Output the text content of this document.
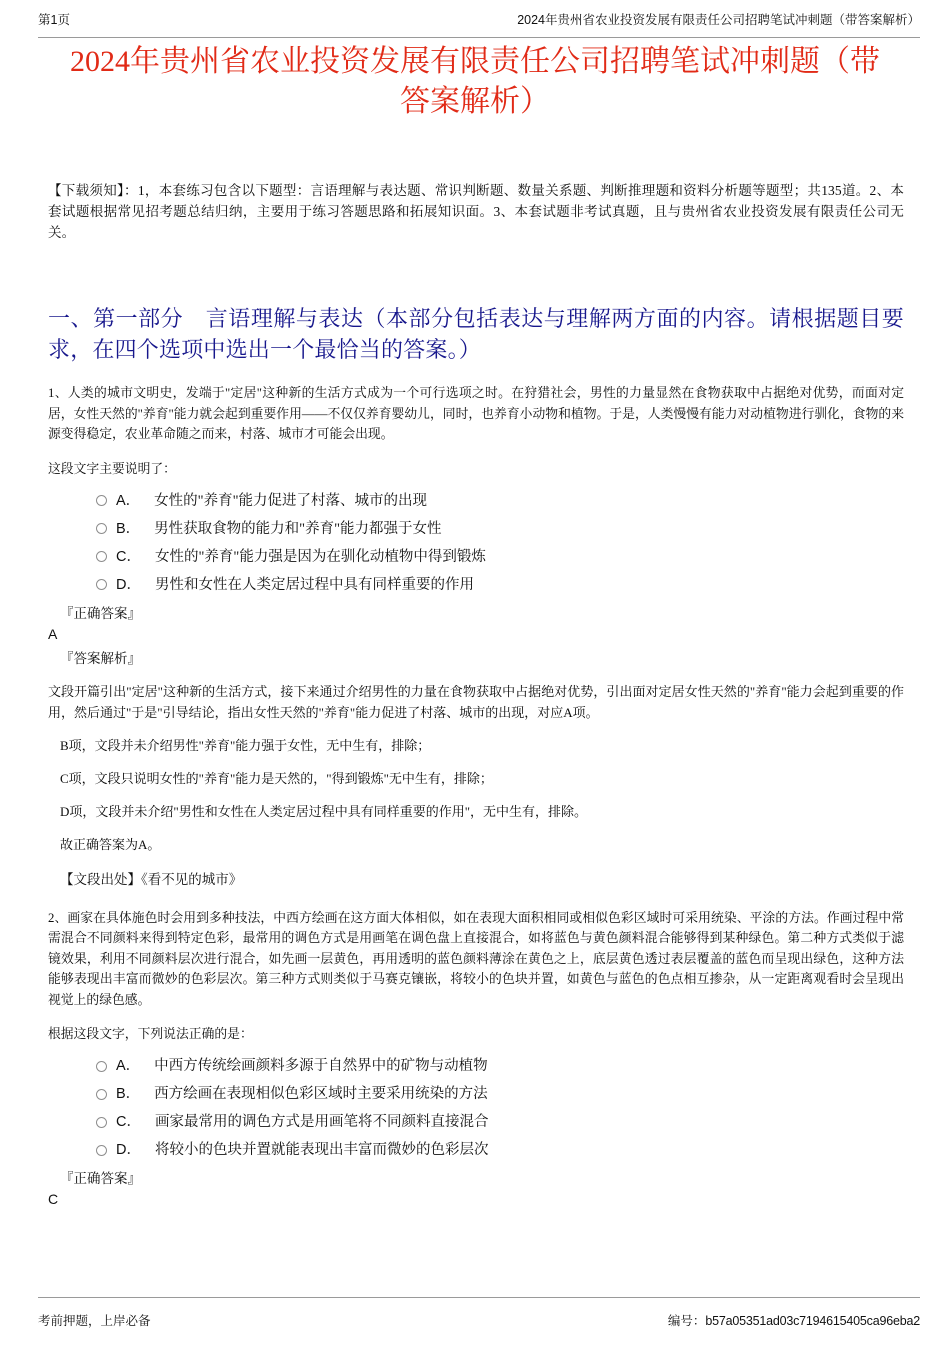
第1页	2024年贵州省农业投资发展有限责任公司招聘笔试冲刺题（带答案解析）
2024年贵州省农业投资发展有限责任公司招聘笔试冲刺题（带答案解析）

【下载须知】：1，本套练习包含以下题型：言语理解与表达题、常识判断题、数量关系题、判断推理题和资料分析题等题型；共135道。2、本套试题根据常见招考题总结归纳，主要用于练习答题思路和拓展知识面。3、本套试题非考试真题，且与贵州省农业投资发展有限责任公司无关。

一、第一部分　言语理解与表达（本部分包括表达与理解两方面的内容。请根据题目要求，在四个选项中选出一个最恰当的答案。）

1、人类的城市文明史，发端于"定居"这种新的生活方式成为一个可行选项之时。在狩猎社会，男性的力量显然在食物获取中占据绝对优势，而面对定居，女性天然的"养育"能力就会起到重要作用——不仅仅养育婴幼儿，同时，也养育小动物和植物。于是，人类慢慢有能力对动植物进行驯化，食物的来源变得稳定，农业革命随之而来，村落、城市才可能会出现。

这段文字主要说明了：

A． 女性的"养育"能力促进了村落、城市的出现
B． 男性获取食物的能力和"养育"能力都强于女性
C． 女性的"养育"能力强是因为在驯化动植物中得到锻炼
D． 男性和女性在人类定居过程中具有同样重要的作用
『正确答案』
A
『答案解析』

文段开篇引出"定居"这种新的生活方式，接下来通过介绍男性的力量在食物获取中占据绝对优势，引出面对定居女性天然的"养育"能力会起到重要的作用，然后通过"于是"引导结论，指出女性天然的"养育"能力促进了村落、城市的出现，对应A项。

B项，文段并未介绍男性"养育"能力强于女性，无中生有，排除；

C项，文段只说明女性的"养育"能力是天然的，"得到锻炼"无中生有，排除；

D项，文段并未介绍"男性和女性在人类定居过程中具有同样重要的作用"，无中生有，排除。

故正确答案为A。

【文段出处】《看不见的城市》

2、画家在具体施色时会用到多种技法，中西方绘画在这方面大体相似，如在表现大面积相同或相似色彩区域时可采用统染、平涂的方法。作画过程中常需混合不同颜料来得到特定色彩，最常用的调色方式是用画笔在调色盘上直接混合，如将蓝色与黄色颜料混合能够得到某种绿色。第二种方式类似于滤镜效果，利用不同颜料层次进行混合，如先画一层黄色，再用透明的蓝色颜料薄涂在黄色之上，底层黄色透过表层覆盖的蓝色而呈现出绿色，这种方法能够表现出丰富而微妙的色彩层次。第三种方式则类似于马赛克镶嵌，将较小的色块并置，如黄色与蓝色的色点相互掺杂，从一定距离观看时会呈现出视觉上的绿色感。

根据这段文字，下列说法正确的是：

A． 中西方传统绘画颜料多源于自然界中的矿物与动植物
B． 西方绘画在表现相似色彩区域时主要采用统染的方法
C． 画家最常用的调色方式是用画笔将不同颜料直接混合
D． 将较小的色块并置就能表现出丰富而微妙的色彩层次
『正确答案』
C
考前押题，上岸必备	编号：b57a05351ad03c7194615405ca96eba2
